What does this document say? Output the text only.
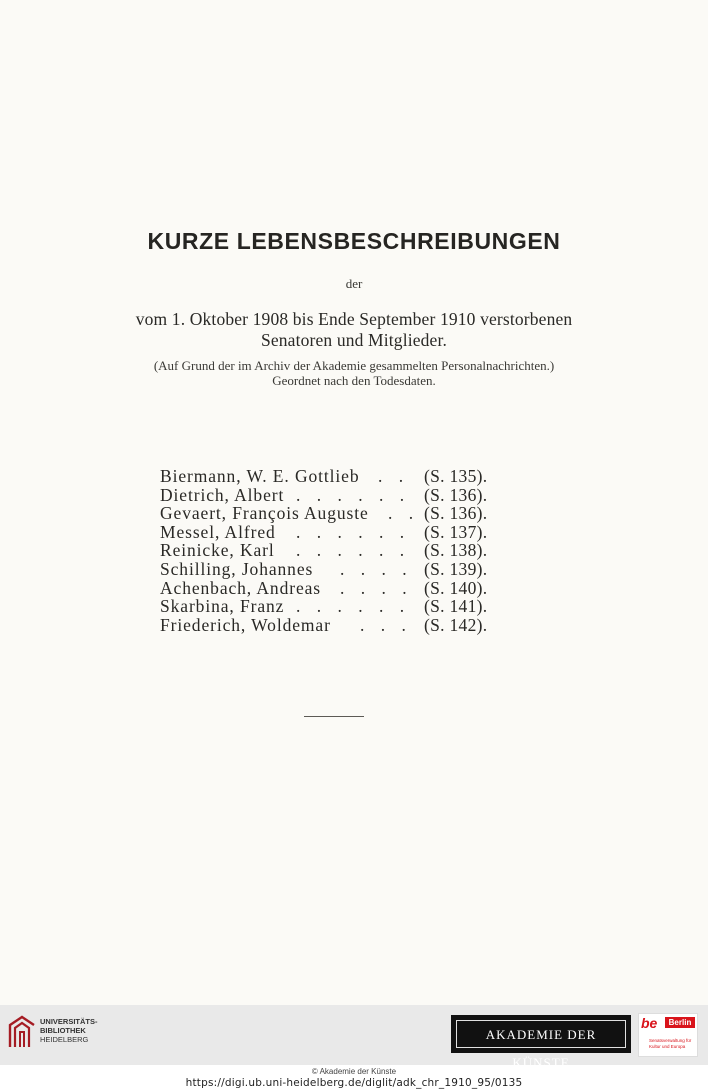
KURZE LEBENSBESCHREIBUNGEN
der
vom 1. Oktober 1908 bis Ende September 1910 verstorbenen
Senatoren und Mitglieder.
(Auf Grund der im Archiv der Akademie gesammelten Personalnachrichten.)
Geordnet nach den Todesdaten.
Biermann, W. E. Gottlieb . . (S. 135).
Dietrich, Albert . . . . . . (S. 136).
Gevaert, François Auguste . . (S. 136).
Messel, Alfred . . . . . . (S. 137).
Reinicke, Karl . . . . . . (S. 138).
Schilling, Johannes . . . . (S. 139).
Achenbach, Andreas . . . . (S. 140).
Skarbina, Franz . . . . . . (S. 141).
Friederich, Woldemar . . . (S. 142).
UNIVERSITÄTS-
BIBLIOTHEK
HEIDELBERG	AKADEMIE DER KÜNSTE
be	Berlin
Senatsverwaltung für Kultur und Europa
© Akademie der Künste
https://digi.ub.uni-heidelberg.de/diglit/adk_chr_1910_95/0135
